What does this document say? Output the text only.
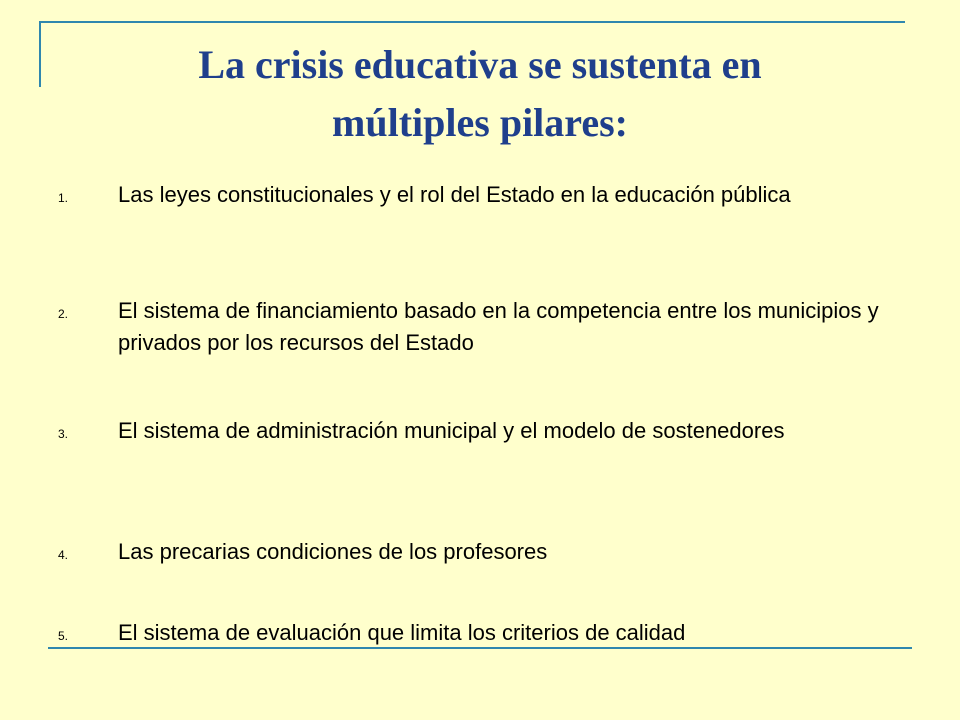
La crisis educativa se sustenta en
múltiples pilares:
1. Las leyes constitucionales y el rol del Estado en la educación pública
2. El sistema de financiamiento basado en la competencia entre los municipios y privados por los recursos del Estado
3. El sistema de administración municipal y el modelo de sostenedores
4. Las precarias condiciones de los profesores
5. El sistema de evaluación que limita los criterios de calidad
